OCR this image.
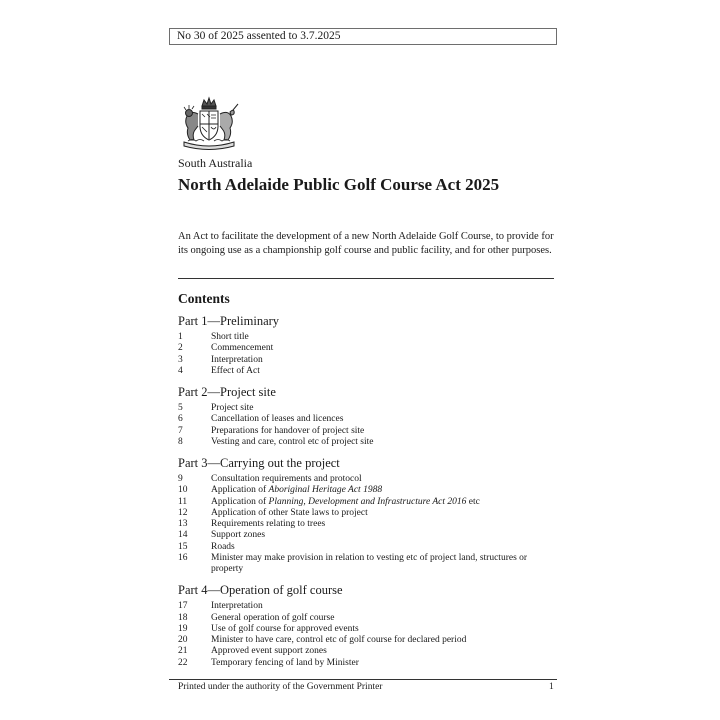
No 30 of 2025 assented to 3.7.2025
South Australia
North Adelaide Public Golf Course Act 2025

An Act to facilitate the development of a new North Adelaide Golf Course, to provide for its ongoing use as a championship golf course and public facility, and for other purposes.

Contents
Part 1—Preliminary
1	Short title
2	Commencement
3	Interpretation
4	Effect of Act
Part 2—Project site
5	Project site
6	Cancellation of leases and licences
7	Preparations for handover of project site
8	Vesting and care, control etc of project site
Part 3—Carrying out the project
9	Consultation requirements and protocol
10	Application of Aboriginal Heritage Act 1988
11	Application of Planning, Development and Infrastructure Act 2016 etc
12	Application of other State laws to project
13	Requirements relating to trees
14	Support zones
15	Roads
16	Minister may make provision in relation to vesting etc of project land, structures or property
Part 4—Operation of golf course
17	Interpretation
18	General operation of golf course
19	Use of golf course for approved events
20	Minister to have care, control etc of golf course for declared period
21	Approved event support zones
22	Temporary fencing of land by Minister
Printed under the authority of the Government Printer	1
